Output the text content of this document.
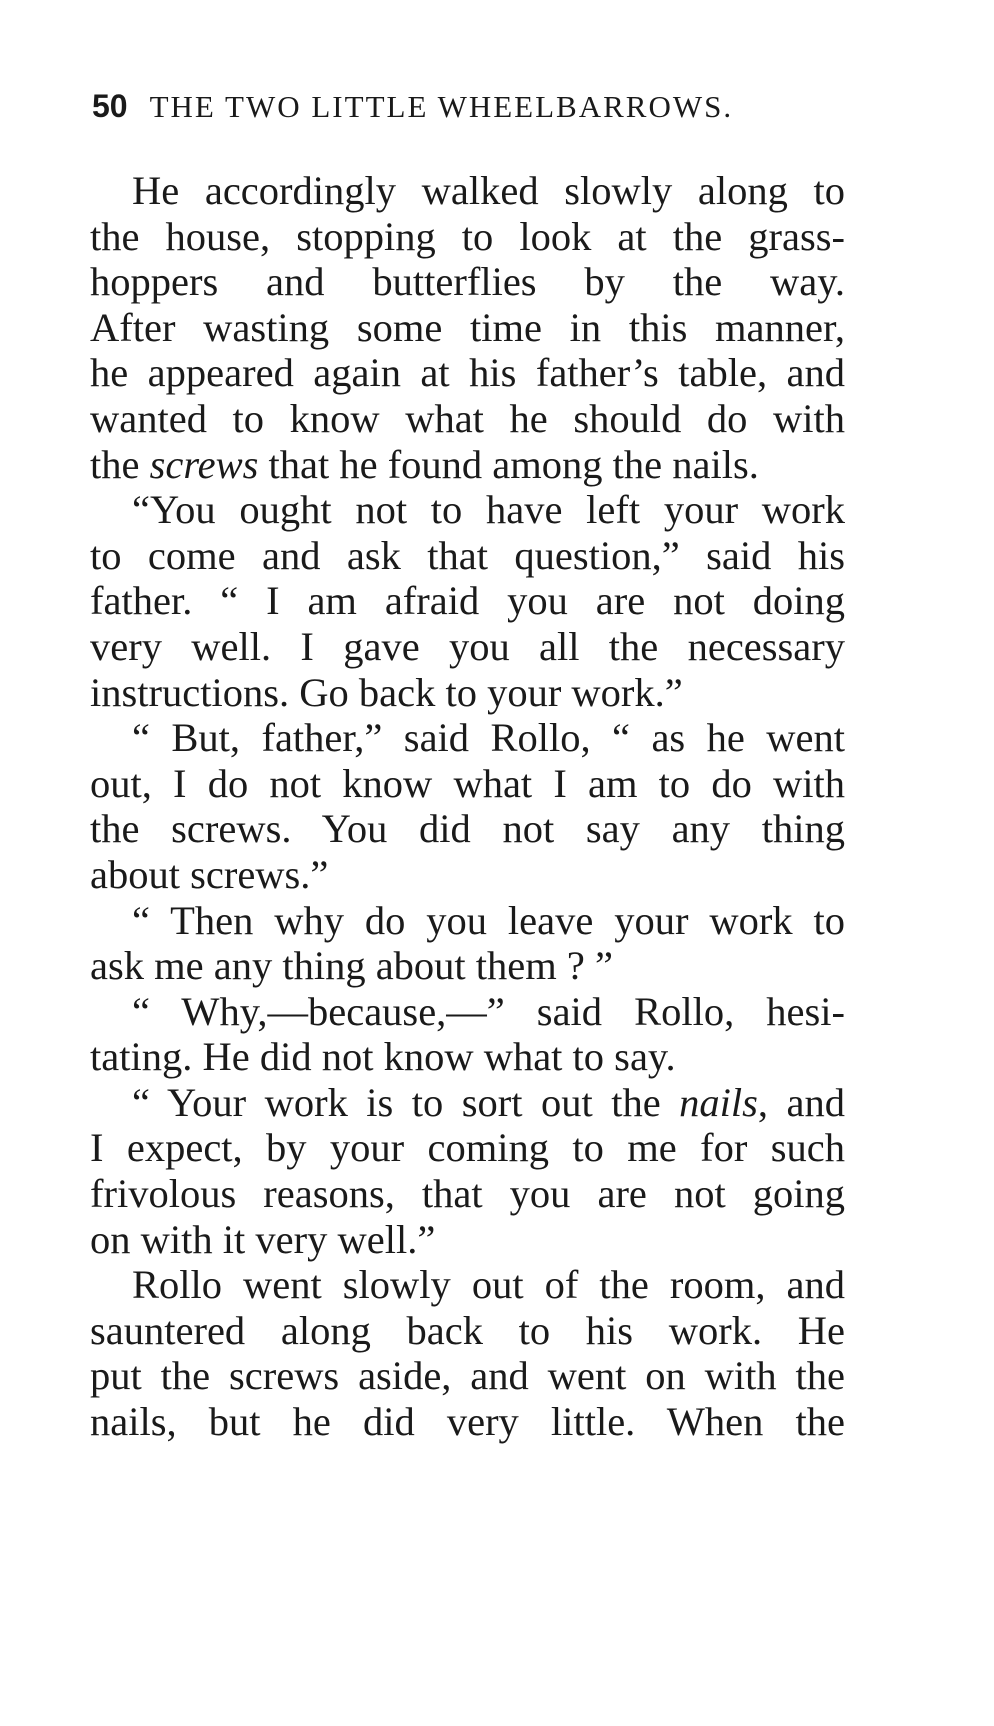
50 THE TWO LITTLE WHEELBARROWS.
He accordingly walked slowly along to
the house, stopping to look at the grass-
hoppers and butterflies by the way.
After wasting some time in this manner,
he appeared again at his father’s table, and
wanted to know what he should do with
the screws that he found among the nails.
“You ought not to have left your work
to come and ask that question,” said his
father. “ I am afraid you are not doing
very well. I gave you all the necessary
instructions. Go back to your work.”
“ But, father,” said Rollo, “ as he went
out, I do not know what I am to do with
the screws. You did not say any thing
about screws.”
“ Then why do you leave your work to
ask me any thing about them ? ”
“ Why,—because,—” said Rollo, hesi-
tating. He did not know what to say.
“ Your work is to sort out the nails, and
I expect, by your coming to me for such
frivolous reasons, that you are not going
on with it very well.”
Rollo went slowly out of the room, and
sauntered along back to his work. He
put the screws aside, and went on with the
nails, but he did very little. When the
